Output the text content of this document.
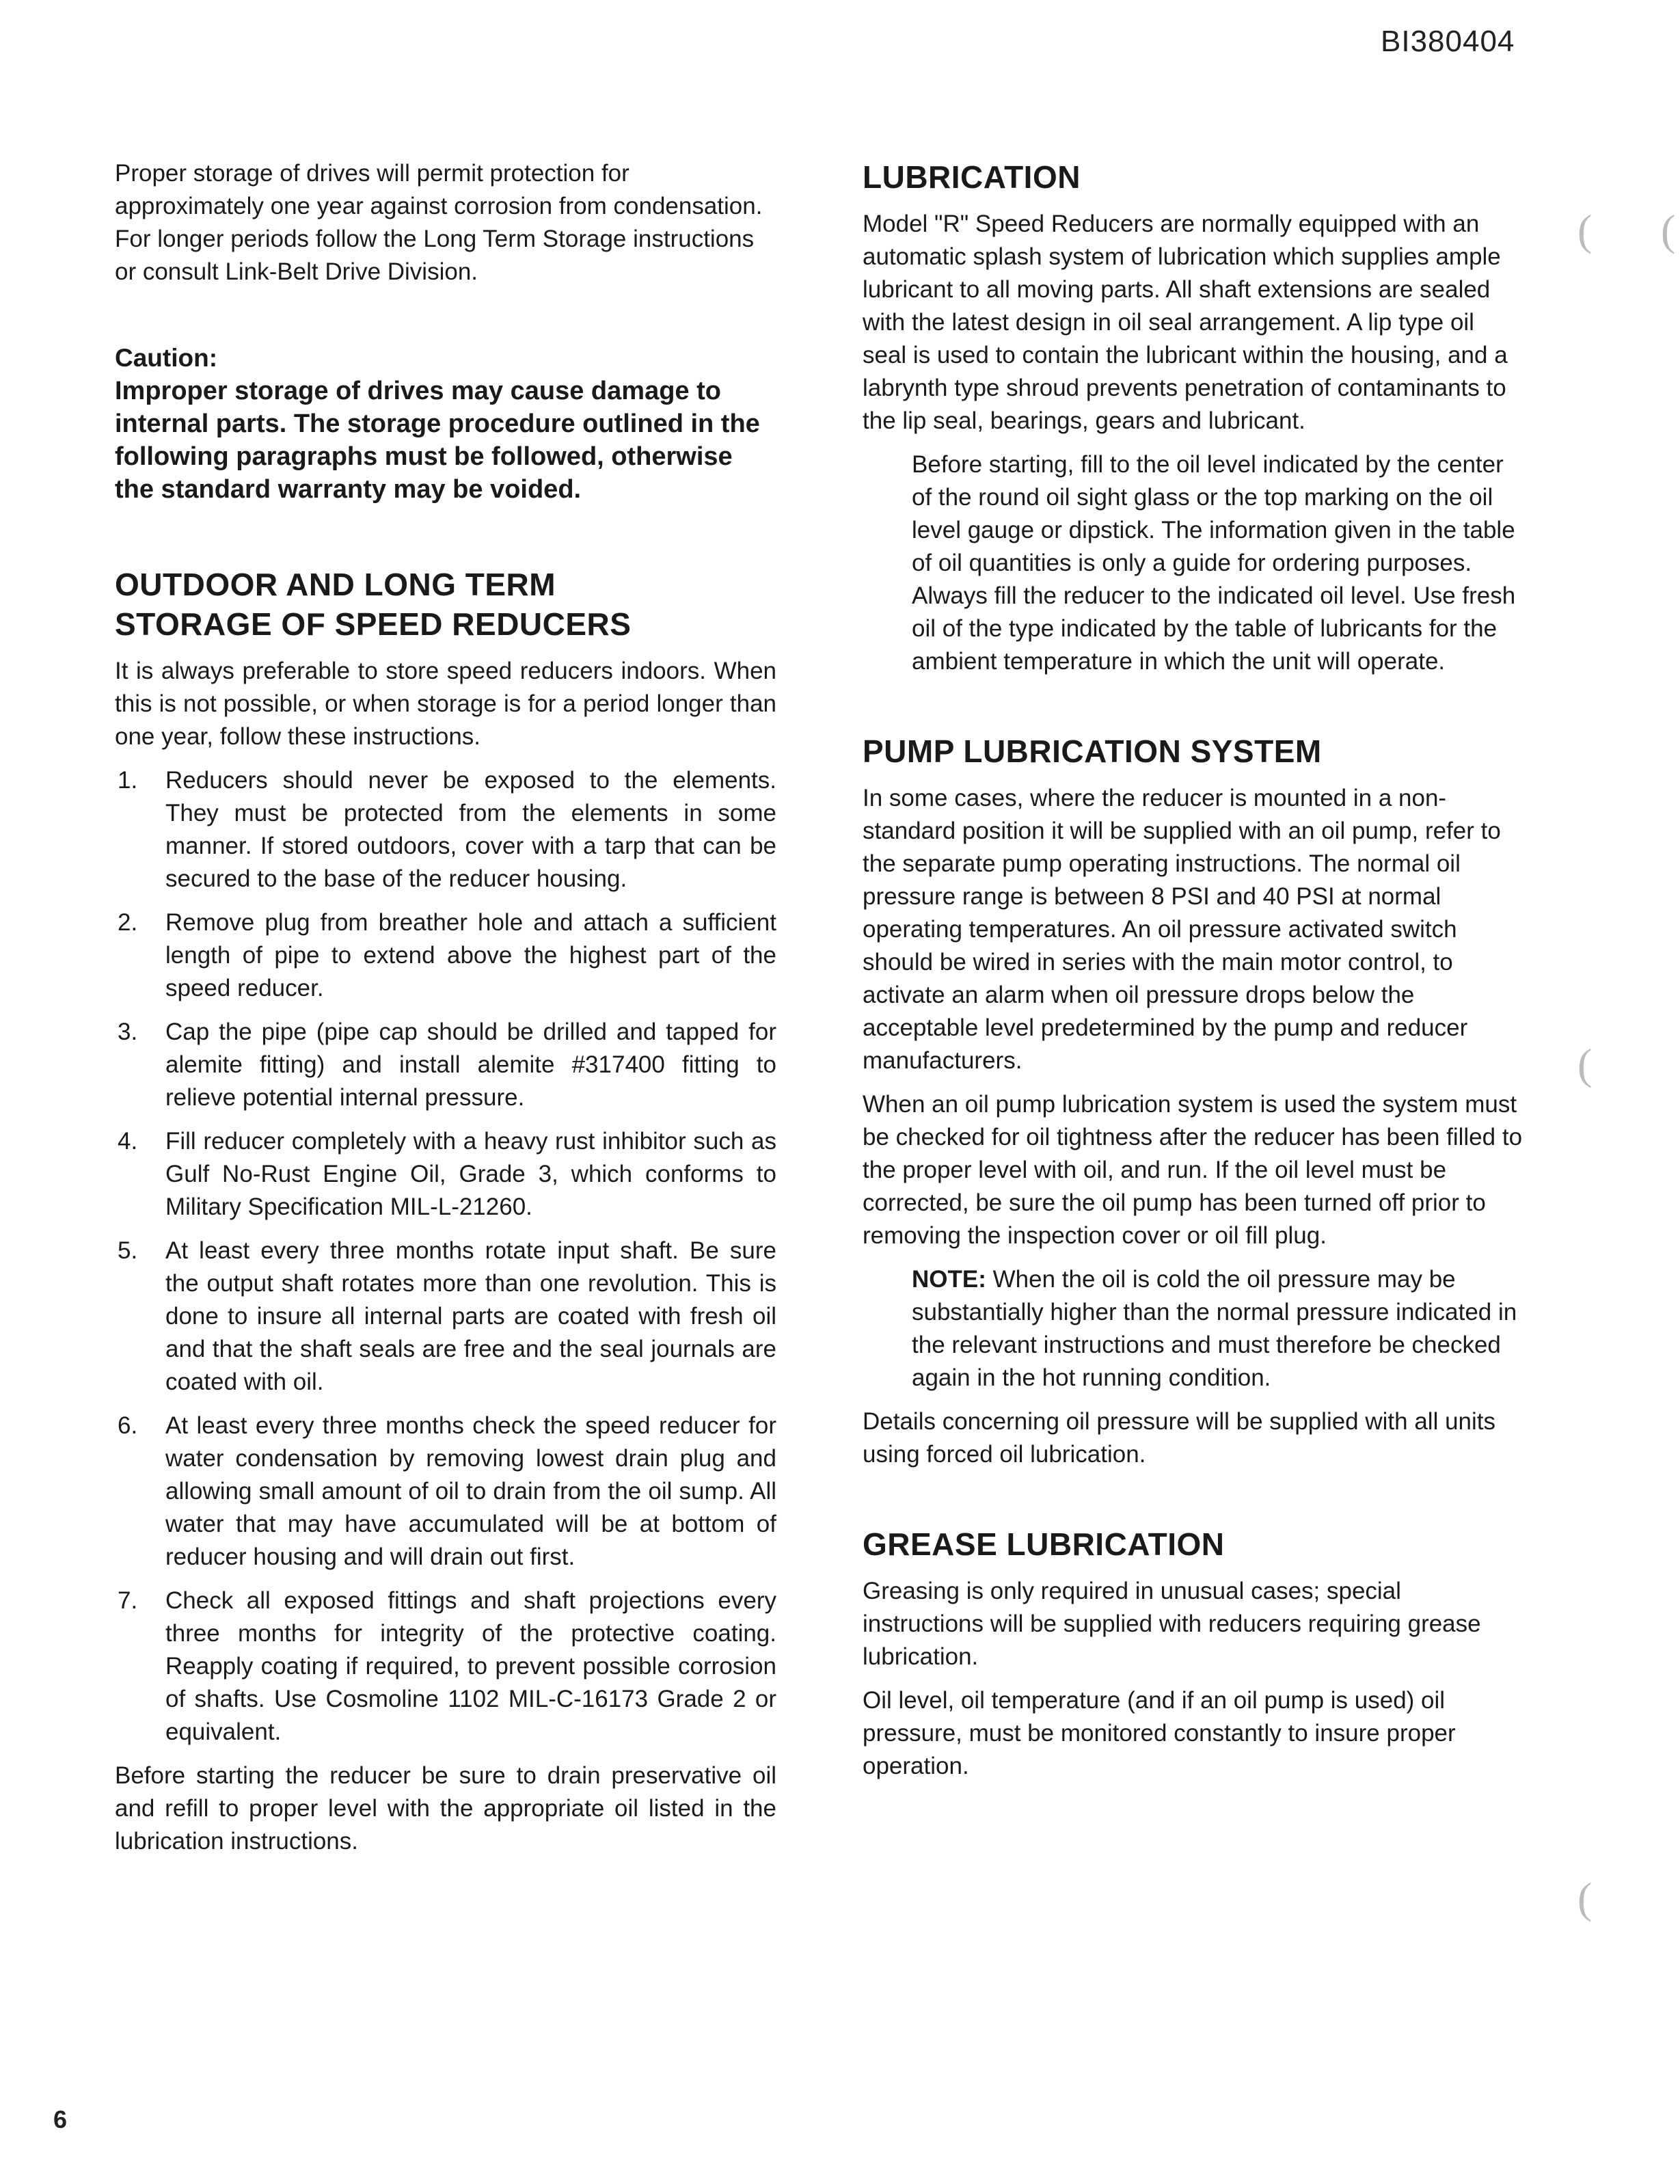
BI380404

Proper storage of drives will permit protection for approximately one year against corrosion from condensation. For longer periods follow the Long Term Storage instructions or consult Link-Belt Drive Division.

Caution:
Improper storage of drives may cause damage to internal parts. The storage procedure outlined in the following paragraphs must be followed, otherwise the standard warranty may be voided.
OUTDOOR AND LONG TERM
STORAGE OF SPEED REDUCERS

It is always preferable to store speed reducers indoors. When this is not possible, or when storage is for a period longer than one year, follow these instructions.

1. Reducers should never be exposed to the elements. They must be protected from the elements in some manner. If stored outdoors, cover with a tarp that can be secured to the base of the reducer housing.
2. Remove plug from breather hole and attach a sufficient length of pipe to extend above the highest part of the speed reducer.
3. Cap the pipe (pipe cap should be drilled and tapped for alemite fitting) and install alemite #317400 fitting to relieve potential internal pressure.
4. Fill reducer completely with a heavy rust inhibitor such as Gulf No-Rust Engine Oil, Grade 3, which conforms to Military Specification MIL-L-21260.
5. At least every three months rotate input shaft. Be sure the output shaft rotates more than one revolution. This is done to insure all internal parts are coated with fresh oil and that the shaft seals are free and the seal journals are coated with oil.
6. At least every three months check the speed reducer for water condensation by removing lowest drain plug and allowing small amount of oil to drain from the oil sump. All water that may have accumulated will be at bottom of reducer housing and will drain out first.
7. Check all exposed fittings and shaft projections every three months for integrity of the protective coating. Reapply coating if required, to prevent possible corrosion of shafts. Use Cosmoline 1102 MIL-C-16173 Grade 2 or equivalent.

Before starting the reducer be sure to drain preservative oil and refill to proper level with the appropriate oil listed in the lubrication instructions.

LUBRICATION

Model "R" Speed Reducers are normally equipped with an automatic splash system of lubrication which supplies ample lubricant to all moving parts. All shaft extensions are sealed with the latest design in oil seal arrangement. A lip type oil seal is used to contain the lubricant within the housing, and a labrynth type shroud prevents penetration of contaminants to the lip seal, bearings, gears and lubricant.

Before starting, fill to the oil level indicated by the center of the round oil sight glass or the top marking on the oil level gauge or dipstick. The information given in the table of oil quantities is only a guide for ordering purposes. Always fill the reducer to the indicated oil level. Use fresh oil of the type indicated by the table of lubricants for the ambient temperature in which the unit will operate.

PUMP LUBRICATION SYSTEM

In some cases, where the reducer is mounted in a non-standard position it will be supplied with an oil pump, refer to the separate pump operating instructions. The normal oil pressure range is between 8 PSI and 40 PSI at normal operating temperatures. An oil pressure activated switch should be wired in series with the main motor control, to activate an alarm when oil pressure drops below the acceptable level predetermined by the pump and reducer manufacturers.

When an oil pump lubrication system is used the system must be checked for oil tightness after the reducer has been filled to the proper level with oil, and run. If the oil level must be corrected, be sure the oil pump has been turned off prior to removing the inspection cover or oil fill plug.

NOTE: When the oil is cold the oil pressure may be substantially higher than the normal pressure indicated in the relevant instructions and must therefore be checked again in the hot running condition.

Details concerning oil pressure will be supplied with all units using forced oil lubrication.

GREASE LUBRICATION

Greasing is only required in unusual cases; special instructions will be supplied with reducers requiring grease lubrication.

Oil level, oil temperature (and if an oil pump is used) oil pressure, must be monitored constantly to insure proper operation.

(
(
(
(
6
